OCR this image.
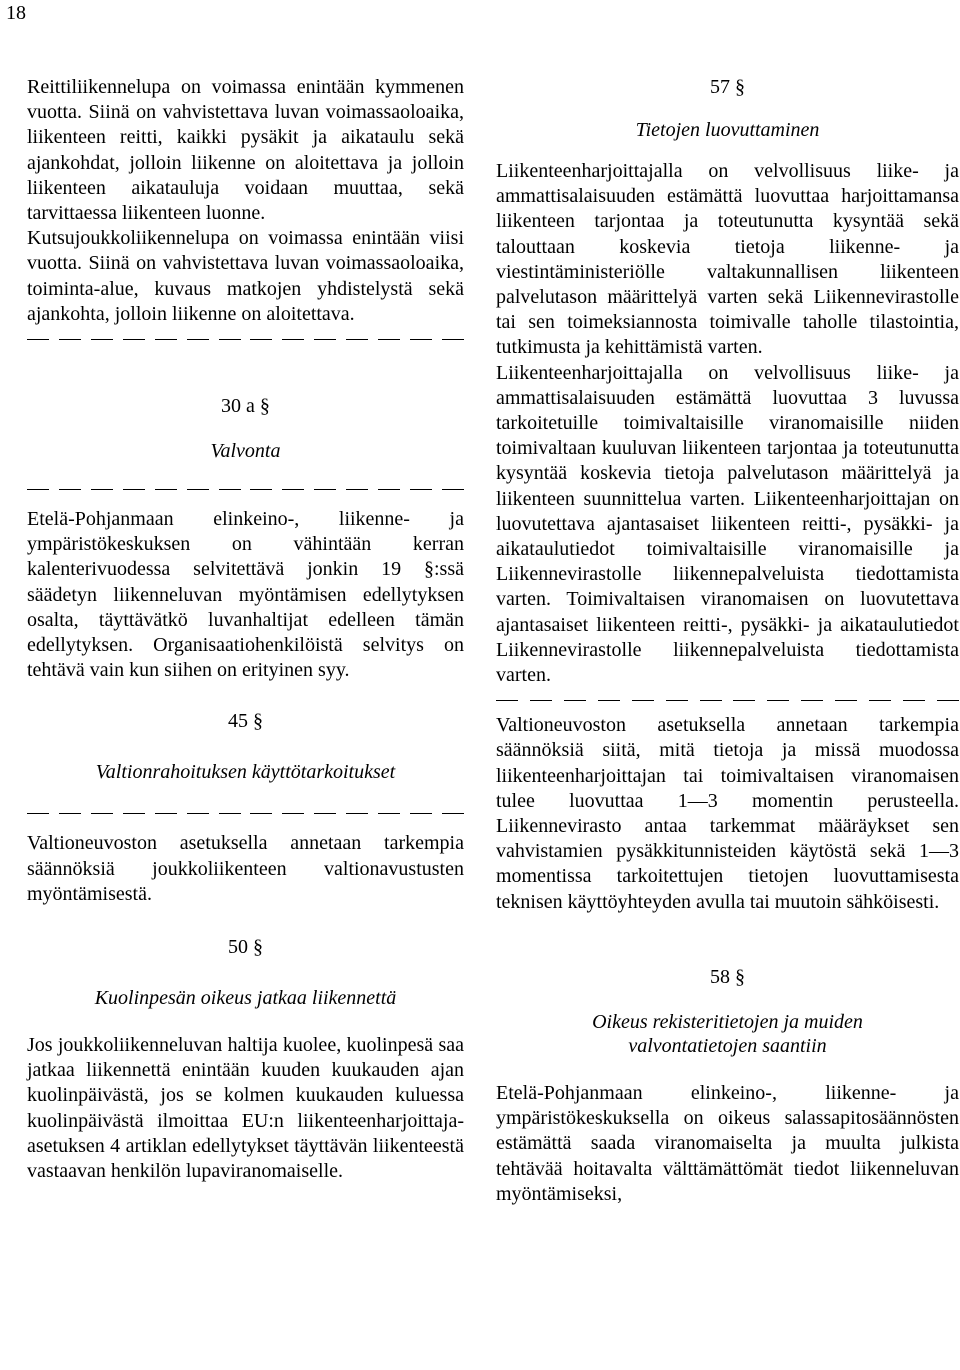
18

Reittiliikennelupa on voimassa enintään kymmenen vuotta. Siinä on vahvistettava luvan voimassaoloaika, liikenteen reitti, kaikki pysäkit ja aikataulu sekä ajankohdat, jolloin liikenne on aloitettava ja jolloin liikenteen aikatauluja voidaan muuttaa, sekä tarvittaessa liikenteen luonne.

Kutsujoukkoliikennelupa on voimassa enintään viisi vuotta. Siinä on vahvistettava luvan voimassaoloaika, toiminta-alue, kuvaus matkojen yhdistelystä sekä ajankohta, jolloin liikenne on aloitettava.

30 a §
Valvonta

Etelä-Pohjanmaan elinkeino-, liikenne- ja ympäristökeskuksen on vähintään kerran kalenterivuodessa selvitettävä jonkin 19 §:ssä säädetyn liikenneluvan myöntämisen edellytyksen osalta, täyttävätkö luvanhaltijat edelleen tämän edellytyksen. Organisaatiohenkilöistä selvitys on tehtävä vain kun siihen on erityinen syy.

45 §
Valtionrahoituksen käyttötarkoitukset

Valtioneuvoston asetuksella annetaan tarkempia säännöksiä joukkoliikenteen valtionavustusten myöntämisestä.

50 §
Kuolinpesän oikeus jatkaa liikennettä

Jos joukkoliikenneluvan haltija kuolee, kuolinpesä saa jatkaa liikennettä enintään kuuden kuukauden ajan kuolinpäivästä, jos se kolmen kuukauden kuluessa kuolinpäivästä ilmoittaa EU:n liikenteenharjoittaja-asetuksen 4 artiklan edellytykset täyttävän liikenteestä vastaavan henkilön lupaviranomaiselle.

57 §
Tietojen luovuttaminen

Liikenteenharjoittajalla on velvollisuus liike- ja ammattisalaisuuden estämättä luovuttaa harjoittamansa liikenteen tarjontaa ja toteutunutta kysyntää sekä talouttaan koskevia tietoja liikenne- ja viestintäministeriölle valtakunnallisen liikenteen palvelutason määrittelyä varten sekä Liikennevirastolle tai sen toimeksiannosta toimivalle taholle tilastointia, tutkimusta ja kehittämistä varten.

Liikenteenharjoittajalla on velvollisuus liike- ja ammattisalaisuuden estämättä luovuttaa 3 luvussa tarkoitetuille toimivaltaisille viranomaisille niiden toimivaltaan kuuluvan liikenteen tarjontaa ja toteutunutta kysyntää koskevia tietoja palvelutason määrittelyä ja liikenteen suunnittelua varten. Liikenteenharjoittajan on luovutettava ajantasaiset liikenteen reitti-, pysäkki- ja aikataulutiedot toimivaltaisille viranomaisille ja Liikennevirastolle liikennepalveluista tiedottamista varten. Toimivaltaisen viranomaisen on luovutettava ajantasaiset liikenteen reitti-, pysäkki- ja aikataulutiedot Liikennevirastolle liikennepalveluista tiedottamista varten.

Valtioneuvoston asetuksella annetaan tarkempia säännöksiä siitä, mitä tietoja ja missä muodossa liikenteenharjoittajan tai toimivaltaisen viranomaisen tulee luovuttaa 1—3 momentin perusteella. Liikennevirasto antaa tarkemmat määräykset sen vahvistamien pysäkkitunnisteiden käytöstä sekä 1—3 momentissa tarkoitettujen tietojen luovuttamisesta teknisen käyttöyhteyden avulla tai muutoin sähköisesti.

58 §
Oikeus rekisteritietojen ja muiden valvontatietojen saantiin

Etelä-Pohjanmaan elinkeino-, liikenne- ja ympäristökeskuksella on oikeus salassapitosäännösten estämättä saada viranomaiselta ja muulta julkista tehtävää hoitavalta välttämättömät tiedot liikenneluvan myöntämiseksi,
